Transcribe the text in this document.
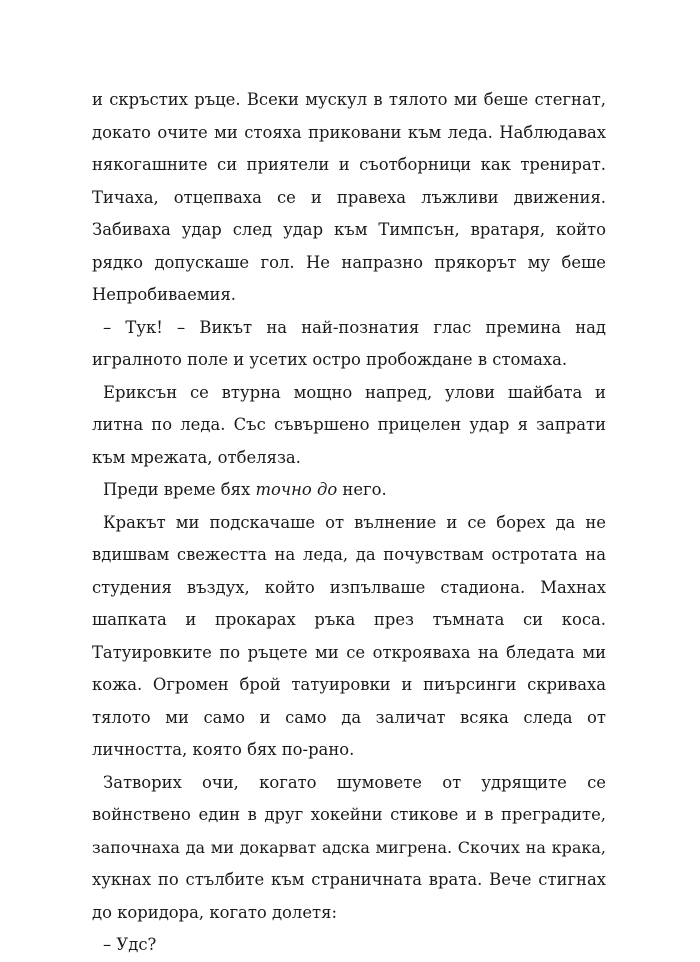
и скръстих ръце. Всеки мускул в тялото ми беше стегнат,
докато очите ми стояха приковани към леда. Наблюдавах
някогашните си приятели и съотборници как тренират.
Тичаха, отцепваха се и правеха лъжливи движения.
Забиваха удар след удар към Тимпсън, вратаря, който
рядко допускаше гол. Не напразно прякорът му беше
Непробиваемия.

– Тук! – Викът на най-познатия глас премина над
игралното поле и усетих остро пробождане в стомаха.

Ериксън се втурна мощно напред, улови шайбата и
литна по леда. Със съвършено прицелен удар я запрати
към мрежата, отбеляза.

Преди време бях точно до него.

Кракът ми подскачаше от вълнение и се борех да не
вдишвам свежестта на леда, да почувствам остротата на
студения въздух, който изпълваше стадиона. Махнах
шапката и прокарах ръка през тъмната си коса.
Татуировките по ръцете ми се открояваха на бледата ми
кожа. Огромен брой татуировки и пиърсинги скриваха
тялото ми само и само да заличат всяка следа от
личността, която бях по-рано.

Затворих очи, когато шумовете от удрящите се
войнствено един в друг хокейни стикове и в преградите,
започнаха да ми докарват адска мигрена. Скочих на крака,
хукнах по стълбите към страничната врата. Вече стигнах
до коридора, когато долетя:

– Удс?
